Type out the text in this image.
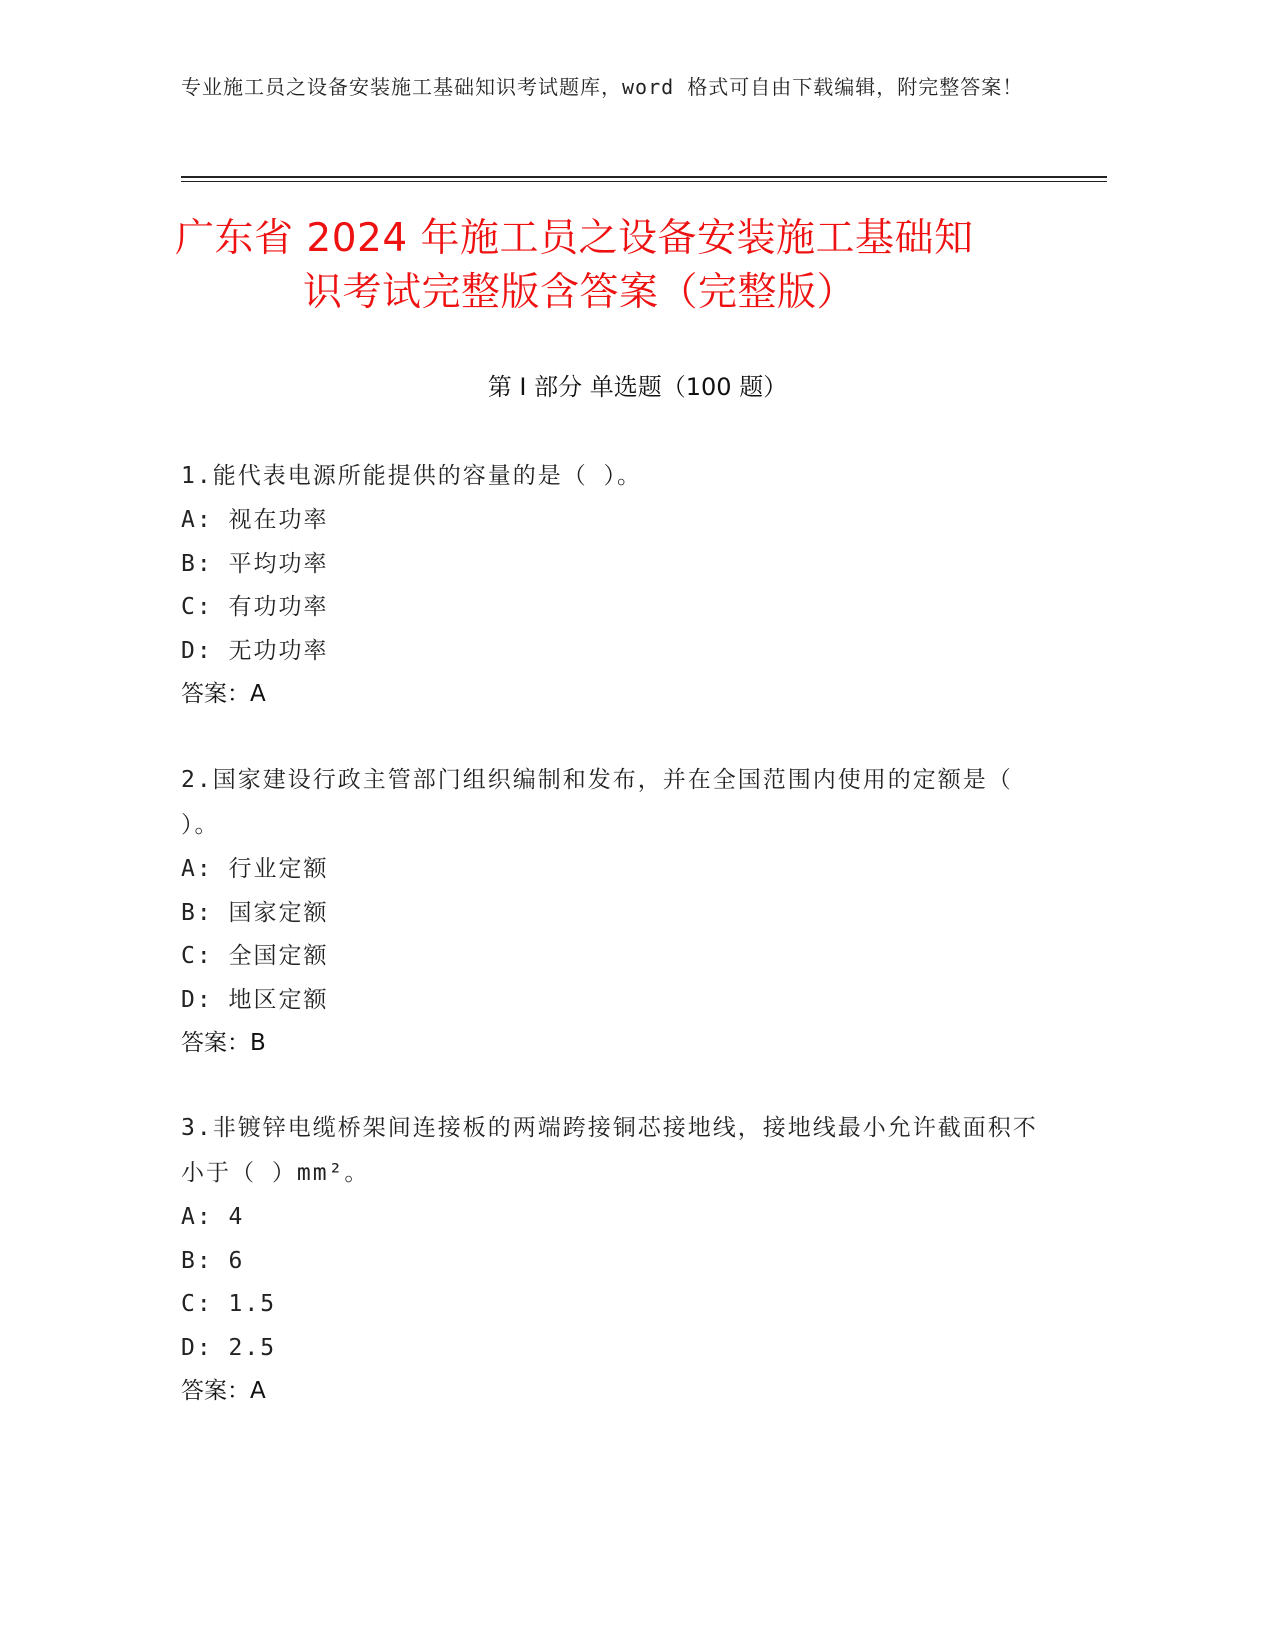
专业施工员之设备安装施工基础知识考试题库，word 格式可自由下载编辑，附完整答案！
广东省 2024 年施工员之设备安装施工基础知
识考试完整版含答案（完整版）
第 I 部分 单选题（100 题）
1.能代表电源所能提供的容量的是（ ）。
A: 视在功率
B: 平均功率
C: 有功功率
D: 无功功率
答案：A
2.国家建设行政主管部门组织编制和发布，并在全国范围内使用的定额是（ ）。
A: 行业定额
B: 国家定额
C: 全国定额
D: 地区定额
答案：B
3.非镀锌电缆桥架间连接板的两端跨接铜芯接地线，接地线最小允许截面积不小于（ ）mm²。
A: 4
B: 6
C: 1.5
D: 2.5
答案：A
